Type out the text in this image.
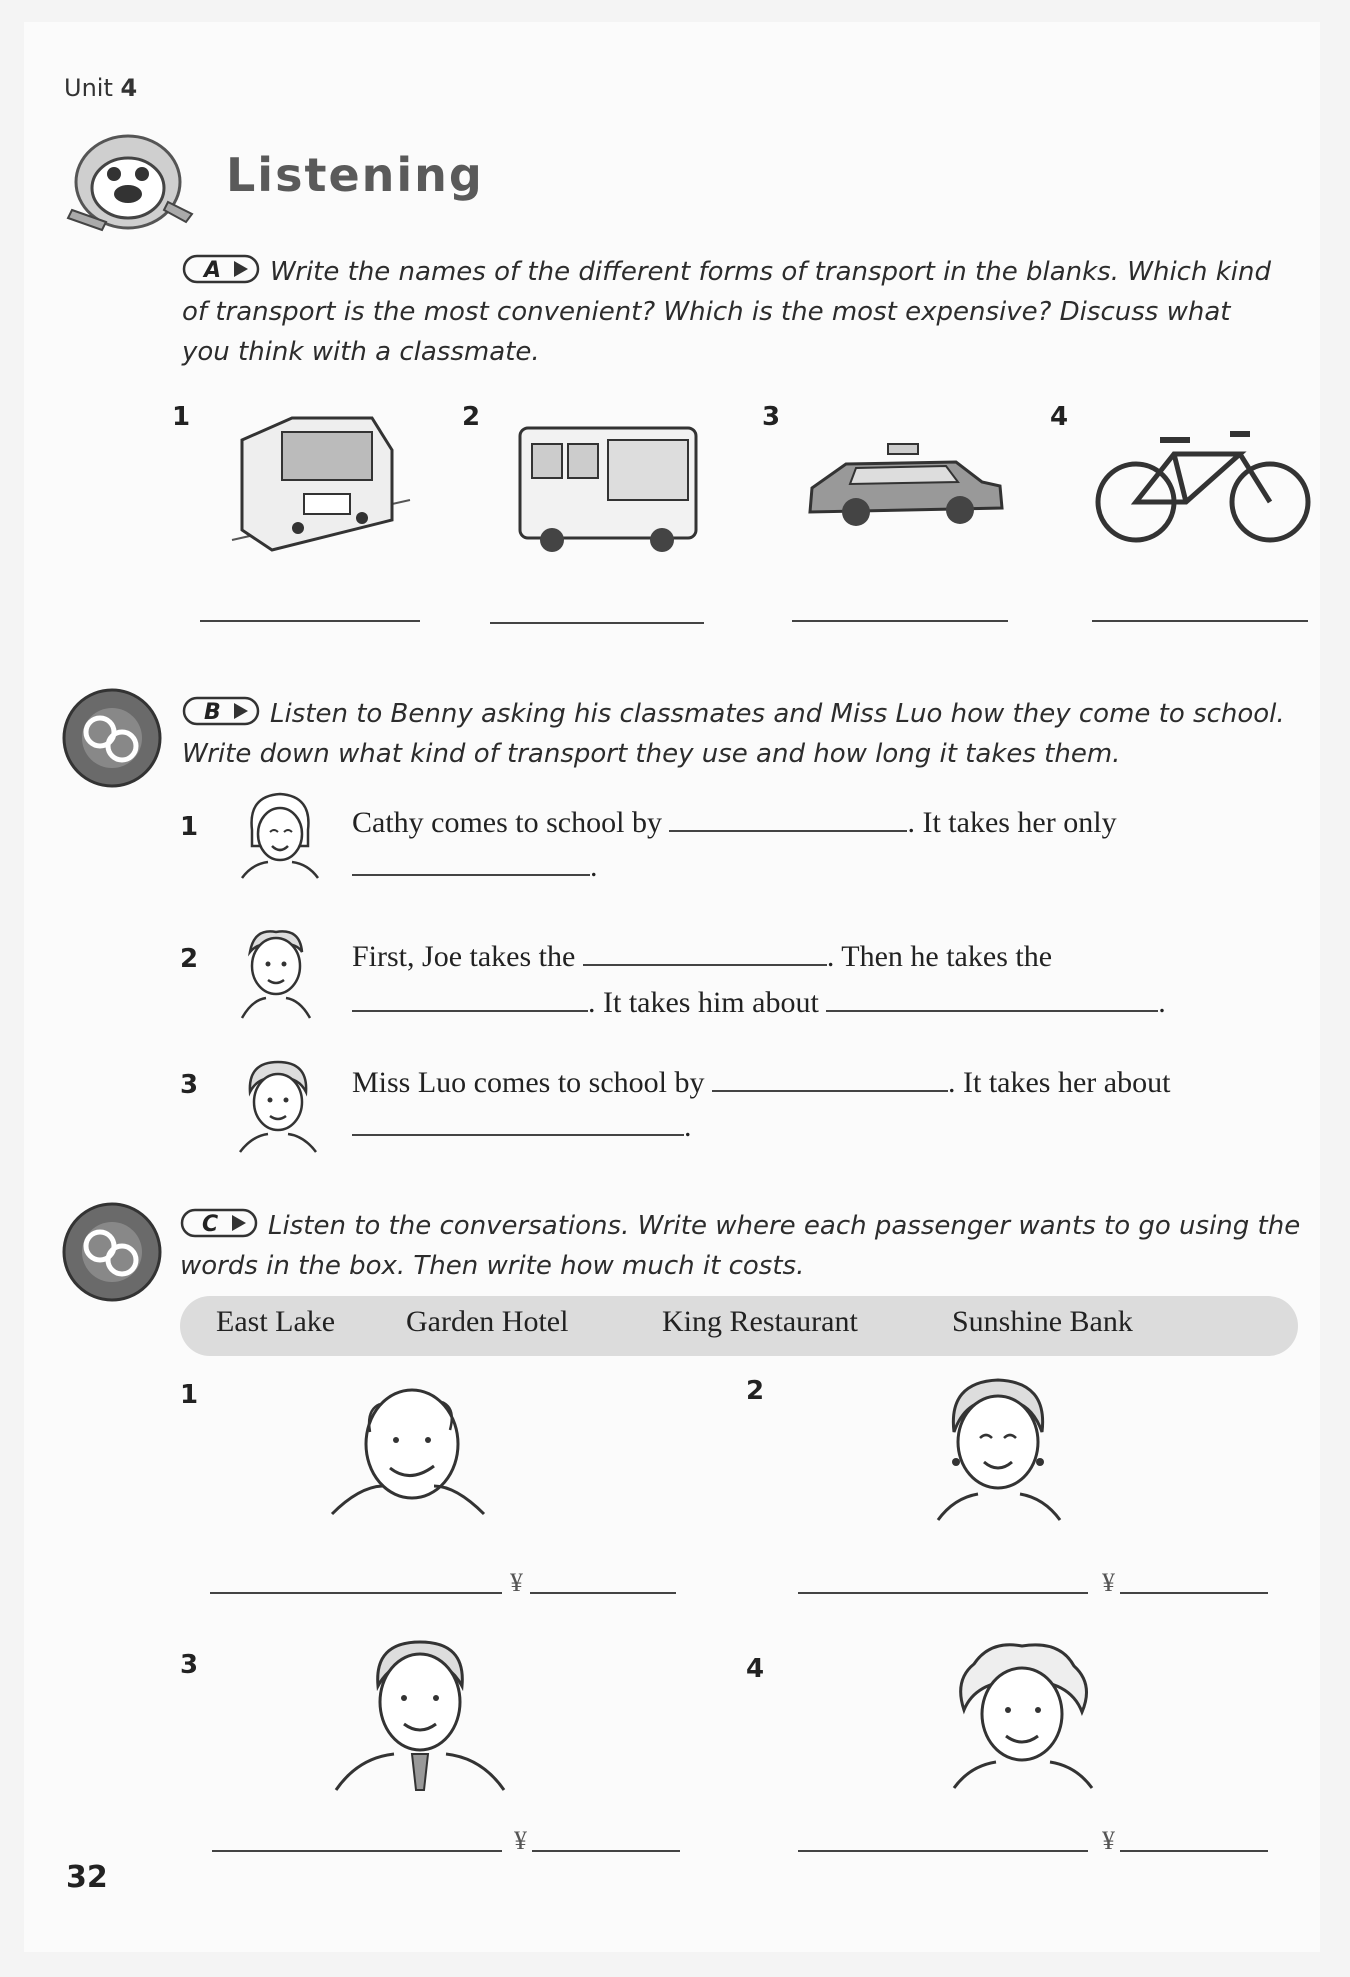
Unit 4
Listening
A Write the names of the different forms of transport in the blanks. Which kind of transport is the most convenient? Which is the most expensive? Discuss what you think with a classmate.
1	2	3	4
B Listen to Benny asking his classmates and Miss Luo how they come to school. Write down what kind of transport they use and how long it takes them.
1	Cathy comes to school by	. It takes her only
.
2	First, Joe takes the	. Then he takes the
. It takes him about	.
3	Miss Luo comes to school by	. It takes her about
.
C Listen to the conversations. Write where each passenger wants to go using the words in the box. Then write how much it costs.
East Lake Garden Hotel	King Restaurant	Sunshine Bank
1
¥
2
¥
3
¥
4
¥
32
